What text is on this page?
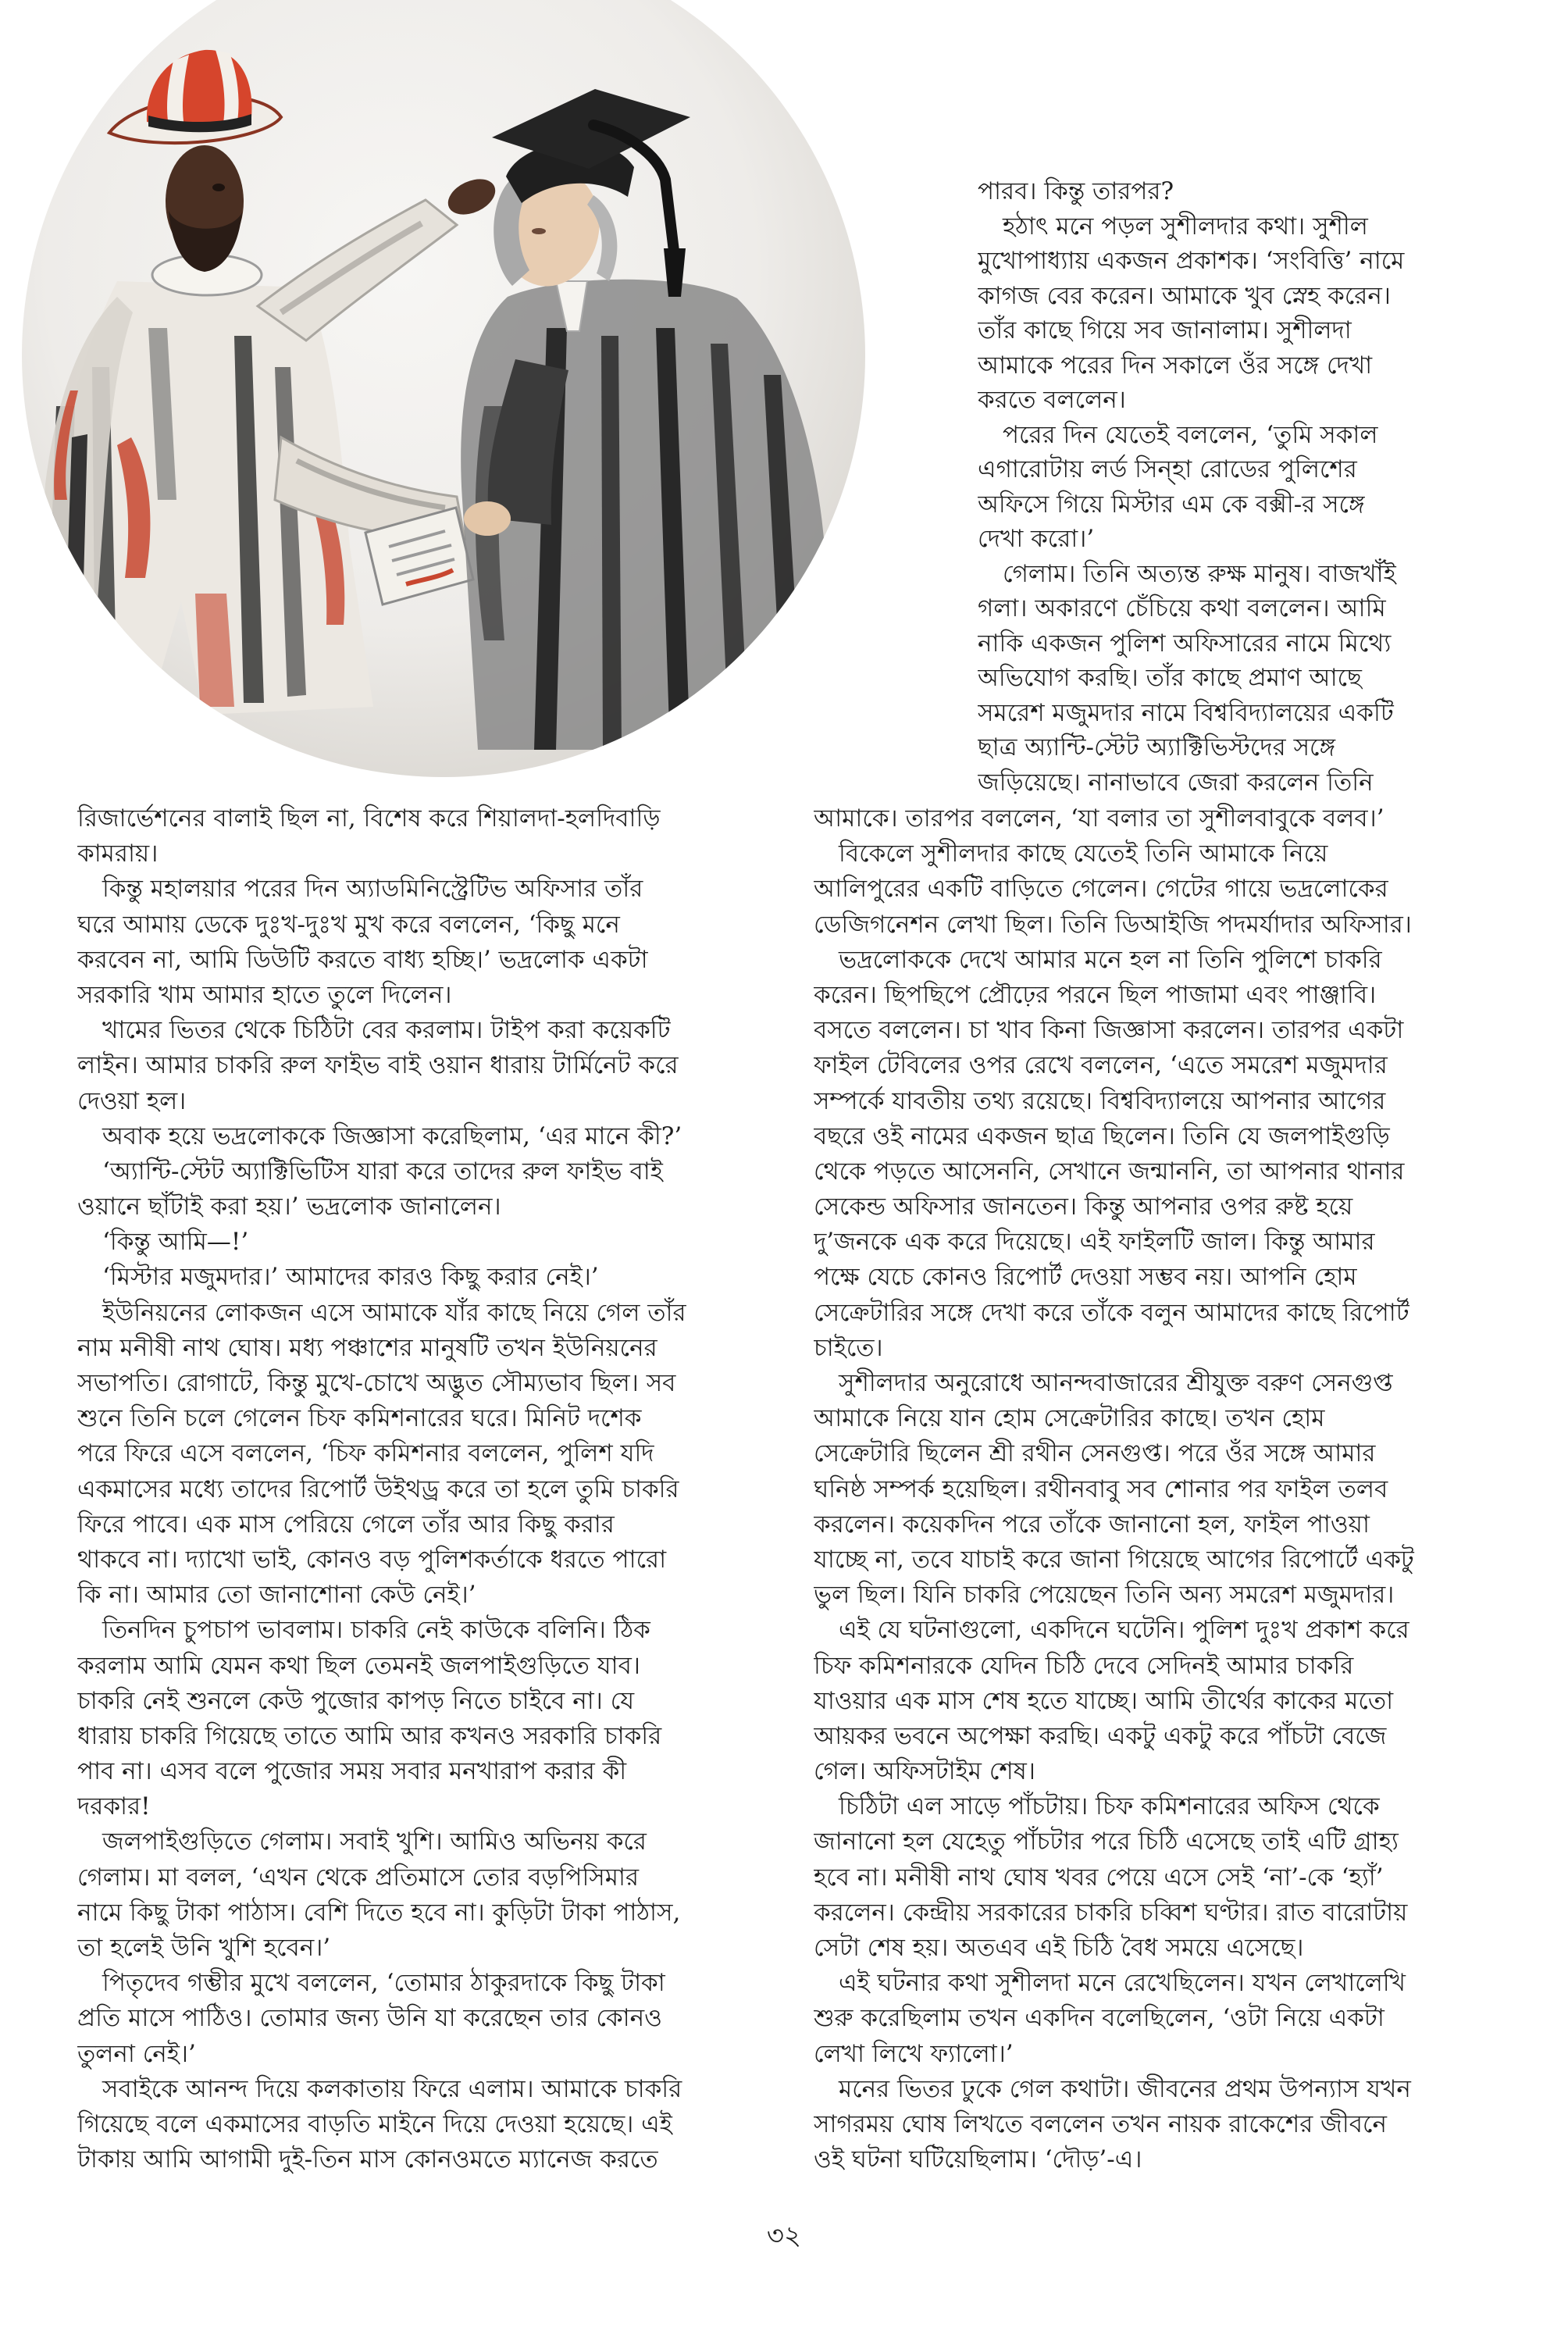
পারব। কিন্তু তারপর?
হঠাৎ মনে পড়ল সুশীলদার কথা। সুশীল
মুখোপাধ্যায় একজন প্রকাশক। ‘সংবিত্তি’ নামে
কাগজ বের করেন। আমাকে খুব স্নেহ করেন।
তাঁর কাছে গিয়ে সব জানালাম। সুশীলদা
আমাকে পরের দিন সকালে ওঁর সঙ্গে দেখা
করতে বললেন।
পরের দিন যেতেই বললেন, ‘তুমি সকাল
এগারোটায় লর্ড সিন্‌হা রোডের পুলিশের
অফিসে গিয়ে মিস্টার এম কে বক্সী-র সঙ্গে
দেখা করো।’
গেলাম। তিনি অত্যন্ত রুক্ষ মানুষ। বাজখাঁই
গলা। অকারণে চেঁচিয়ে কথা বললেন। আমি
নাকি একজন পুলিশ অফিসারের নামে মিথ্যে
অভিযোগ করছি। তাঁর কাছে প্রমাণ আছে
সমরেশ মজুমদার নামে বিশ্ববিদ্যালয়ের একটি
ছাত্র অ্যান্টি-স্টেট অ্যাক্টিভিস্টদের সঙ্গে
জড়িয়েছে। নানাভাবে জেরা করলেন তিনি
রিজার্ভেশনের বালাই ছিল না, বিশেষ করে শিয়ালদা-হলদিবাড়ি
কামরায়।
কিন্তু মহালয়ার পরের দিন অ্যাডমিনিস্ট্রেটিভ অফিসার তাঁর
ঘরে আমায় ডেকে দুঃখ-দুঃখ মুখ করে বললেন, ‘কিছু মনে
করবেন না, আমি ডিউটি করতে বাধ্য হচ্ছি।’ ভদ্রলোক একটা
সরকারি খাম আমার হাতে তুলে দিলেন।
খামের ভিতর থেকে চিঠিটা বের করলাম। টাইপ করা কয়েকটি
লাইন। আমার চাকরি রুল ফাইভ বাই ওয়ান ধারায় টার্মিনেট করে
দেওয়া হল।
অবাক হয়ে ভদ্রলোককে জিজ্ঞাসা করেছিলাম, ‘এর মানে কী?’
‘অ্যান্টি-স্টেট অ্যাক্টিভিটিস যারা করে তাদের রুল ফাইভ বাই
ওয়ানে ছাঁটাই করা হয়।’ ভদ্রলোক জানালেন।
‘কিন্তু আমি—!’
‘মিস্টার মজুমদার।’ আমাদের কারও কিছু করার নেই।’
ইউনিয়নের লোকজন এসে আমাকে যাঁর কাছে নিয়ে গেল তাঁর
নাম মনীষী নাথ ঘোষ। মধ্য পঞ্চাশের মানুষটি তখন ইউনিয়নের
সভাপতি। রোগাটে, কিন্তু মুখে-চোখে অদ্ভুত সৌম্যভাব ছিল। সব
শুনে তিনি চলে গেলেন চিফ কমিশনারের ঘরে। মিনিট দশেক
পরে ফিরে এসে বললেন, ‘চিফ কমিশনার বললেন, পুলিশ যদি
একমাসের মধ্যে তাদের রিপোর্ট উইথড্র করে তা হলে তুমি চাকরি
ফিরে পাবে। এক মাস পেরিয়ে গেলে তাঁর আর কিছু করার
থাকবে না। দ্যাখো ভাই, কোনও বড় পুলিশকর্তাকে ধরতে পারো
কি না। আমার তো জানাশোনা কেউ নেই।’
তিনদিন চুপচাপ ভাবলাম। চাকরি নেই কাউকে বলিনি। ঠিক
করলাম আমি যেমন কথা ছিল তেমনই জলপাইগুড়িতে যাব।
চাকরি নেই শুনলে কেউ পুজোর কাপড় নিতে চাইবে না। যে
ধারায় চাকরি গিয়েছে তাতে আমি আর কখনও সরকারি চাকরি
পাব না। এসব বলে পুজোর সময় সবার মনখারাপ করার কী
দরকার!
জলপাইগুড়িতে গেলাম। সবাই খুশি। আমিও অভিনয় করে
গেলাম। মা বলল, ‘এখন থেকে প্রতিমাসে তোর বড়পিসিমার
নামে কিছু টাকা পাঠাস। বেশি দিতে হবে না। কুড়িটা টাকা পাঠাস,
তা হলেই উনি খুশি হবেন।’
পিতৃদেব গম্ভীর মুখে বললেন, ‘তোমার ঠাকুরদাকে কিছু টাকা
প্রতি মাসে পাঠিও। তোমার জন্য উনি যা করেছেন তার কোনও
তুলনা নেই।’
সবাইকে আনন্দ দিয়ে কলকাতায় ফিরে এলাম। আমাকে চাকরি
গিয়েছে বলে একমাসের বাড়তি মাইনে দিয়ে দেওয়া হয়েছে। এই
টাকায় আমি আগামী দুই-তিন মাস কোনওমতে ম্যানেজ করতে
আমাকে। তারপর বললেন, ‘যা বলার তা সুশীলবাবুকে বলব।’
বিকেলে সুশীলদার কাছে যেতেই তিনি আমাকে নিয়ে
আলিপুরের একটি বাড়িতে গেলেন। গেটের গায়ে ভদ্রলোকের
ডেজিগনেশন লেখা ছিল। তিনি ডিআইজি পদমর্যাদার অফিসার।
ভদ্রলোককে দেখে আমার মনে হল না তিনি পুলিশে চাকরি
করেন। ছিপছিপে প্রৌঢ়ের পরনে ছিল পাজামা এবং পাঞ্জাবি।
বসতে বললেন। চা খাব কিনা জিজ্ঞাসা করলেন। তারপর একটা
ফাইল টেবিলের ওপর রেখে বললেন, ‘এতে সমরেশ মজুমদার
সম্পর্কে যাবতীয় তথ্য রয়েছে। বিশ্ববিদ্যালয়ে আপনার আগের
বছরে ওই নামের একজন ছাত্র ছিলেন। তিনি যে জলপাইগুড়ি
থেকে পড়তে আসেননি, সেখানে জন্মাননি, তা আপনার থানার
সেকেন্ড অফিসার জানতেন। কিন্তু আপনার ওপর রুষ্ট হয়ে
দু’জনকে এক করে দিয়েছে। এই ফাইলটি জাল। কিন্তু আমার
পক্ষে যেচে কোনও রিপোর্ট দেওয়া সম্ভব নয়। আপনি হোম
সেক্রেটারির সঙ্গে দেখা করে তাঁকে বলুন আমাদের কাছে রিপোর্ট
চাইতে।
সুশীলদার অনুরোধে আনন্দবাজারের শ্রীযুক্ত বরুণ সেনগুপ্ত
আমাকে নিয়ে যান হোম সেক্রেটারির কাছে। তখন হোম
সেক্রেটারি ছিলেন শ্রী রথীন সেনগুপ্ত। পরে ওঁর সঙ্গে আমার
ঘনিষ্ঠ সম্পর্ক হয়েছিল। রথীনবাবু সব শোনার পর ফাইল তলব
করলেন। কয়েকদিন পরে তাঁকে জানানো হল, ফাইল পাওয়া
যাচ্ছে না, তবে যাচাই করে জানা গিয়েছে আগের রিপোর্টে একটু
ভুল ছিল। যিনি চাকরি পেয়েছেন তিনি অন্য সমরেশ মজুমদার।
এই যে ঘটনাগুলো, একদিনে ঘটেনি। পুলিশ দুঃখ প্রকাশ করে
চিফ কমিশনারকে যেদিন চিঠি দেবে সেদিনই আমার চাকরি
যাওয়ার এক মাস শেষ হতে যাচ্ছে। আমি তীর্থের কাকের মতো
আয়কর ভবনে অপেক্ষা করছি। একটু একটু করে পাঁচটা বেজে
গেল। অফিসটাইম শেষ।
চিঠিটা এল সাড়ে পাঁচটায়। চিফ কমিশনারের অফিস থেকে
জানানো হল যেহেতু পাঁচটার পরে চিঠি এসেছে তাই এটি গ্রাহ্য
হবে না। মনীষী নাথ ঘোষ খবর পেয়ে এসে সেই ‘না’-কে ‘হ্যাঁ’
করলেন। কেন্দ্রীয় সরকারের চাকরি চব্বিশ ঘণ্টার। রাত বারোটায়
সেটা শেষ হয়। অতএব এই চিঠি বৈধ সময়ে এসেছে।
এই ঘটনার কথা সুশীলদা মনে রেখেছিলেন। যখন লেখালেখি
শুরু করেছিলাম তখন একদিন বলেছিলেন, ‘ওটা নিয়ে একটা
লেখা লিখে ফ্যালো।’
মনের ভিতর ঢুকে গেল কথাটা। জীবনের প্রথম উপন্যাস যখন
সাগরময় ঘোষ লিখতে বললেন তখন নায়ক রাকেশের জীবনে
ওই ঘটনা ঘটিয়েছিলাম। ‘দৌড়’-এ।
৩২
